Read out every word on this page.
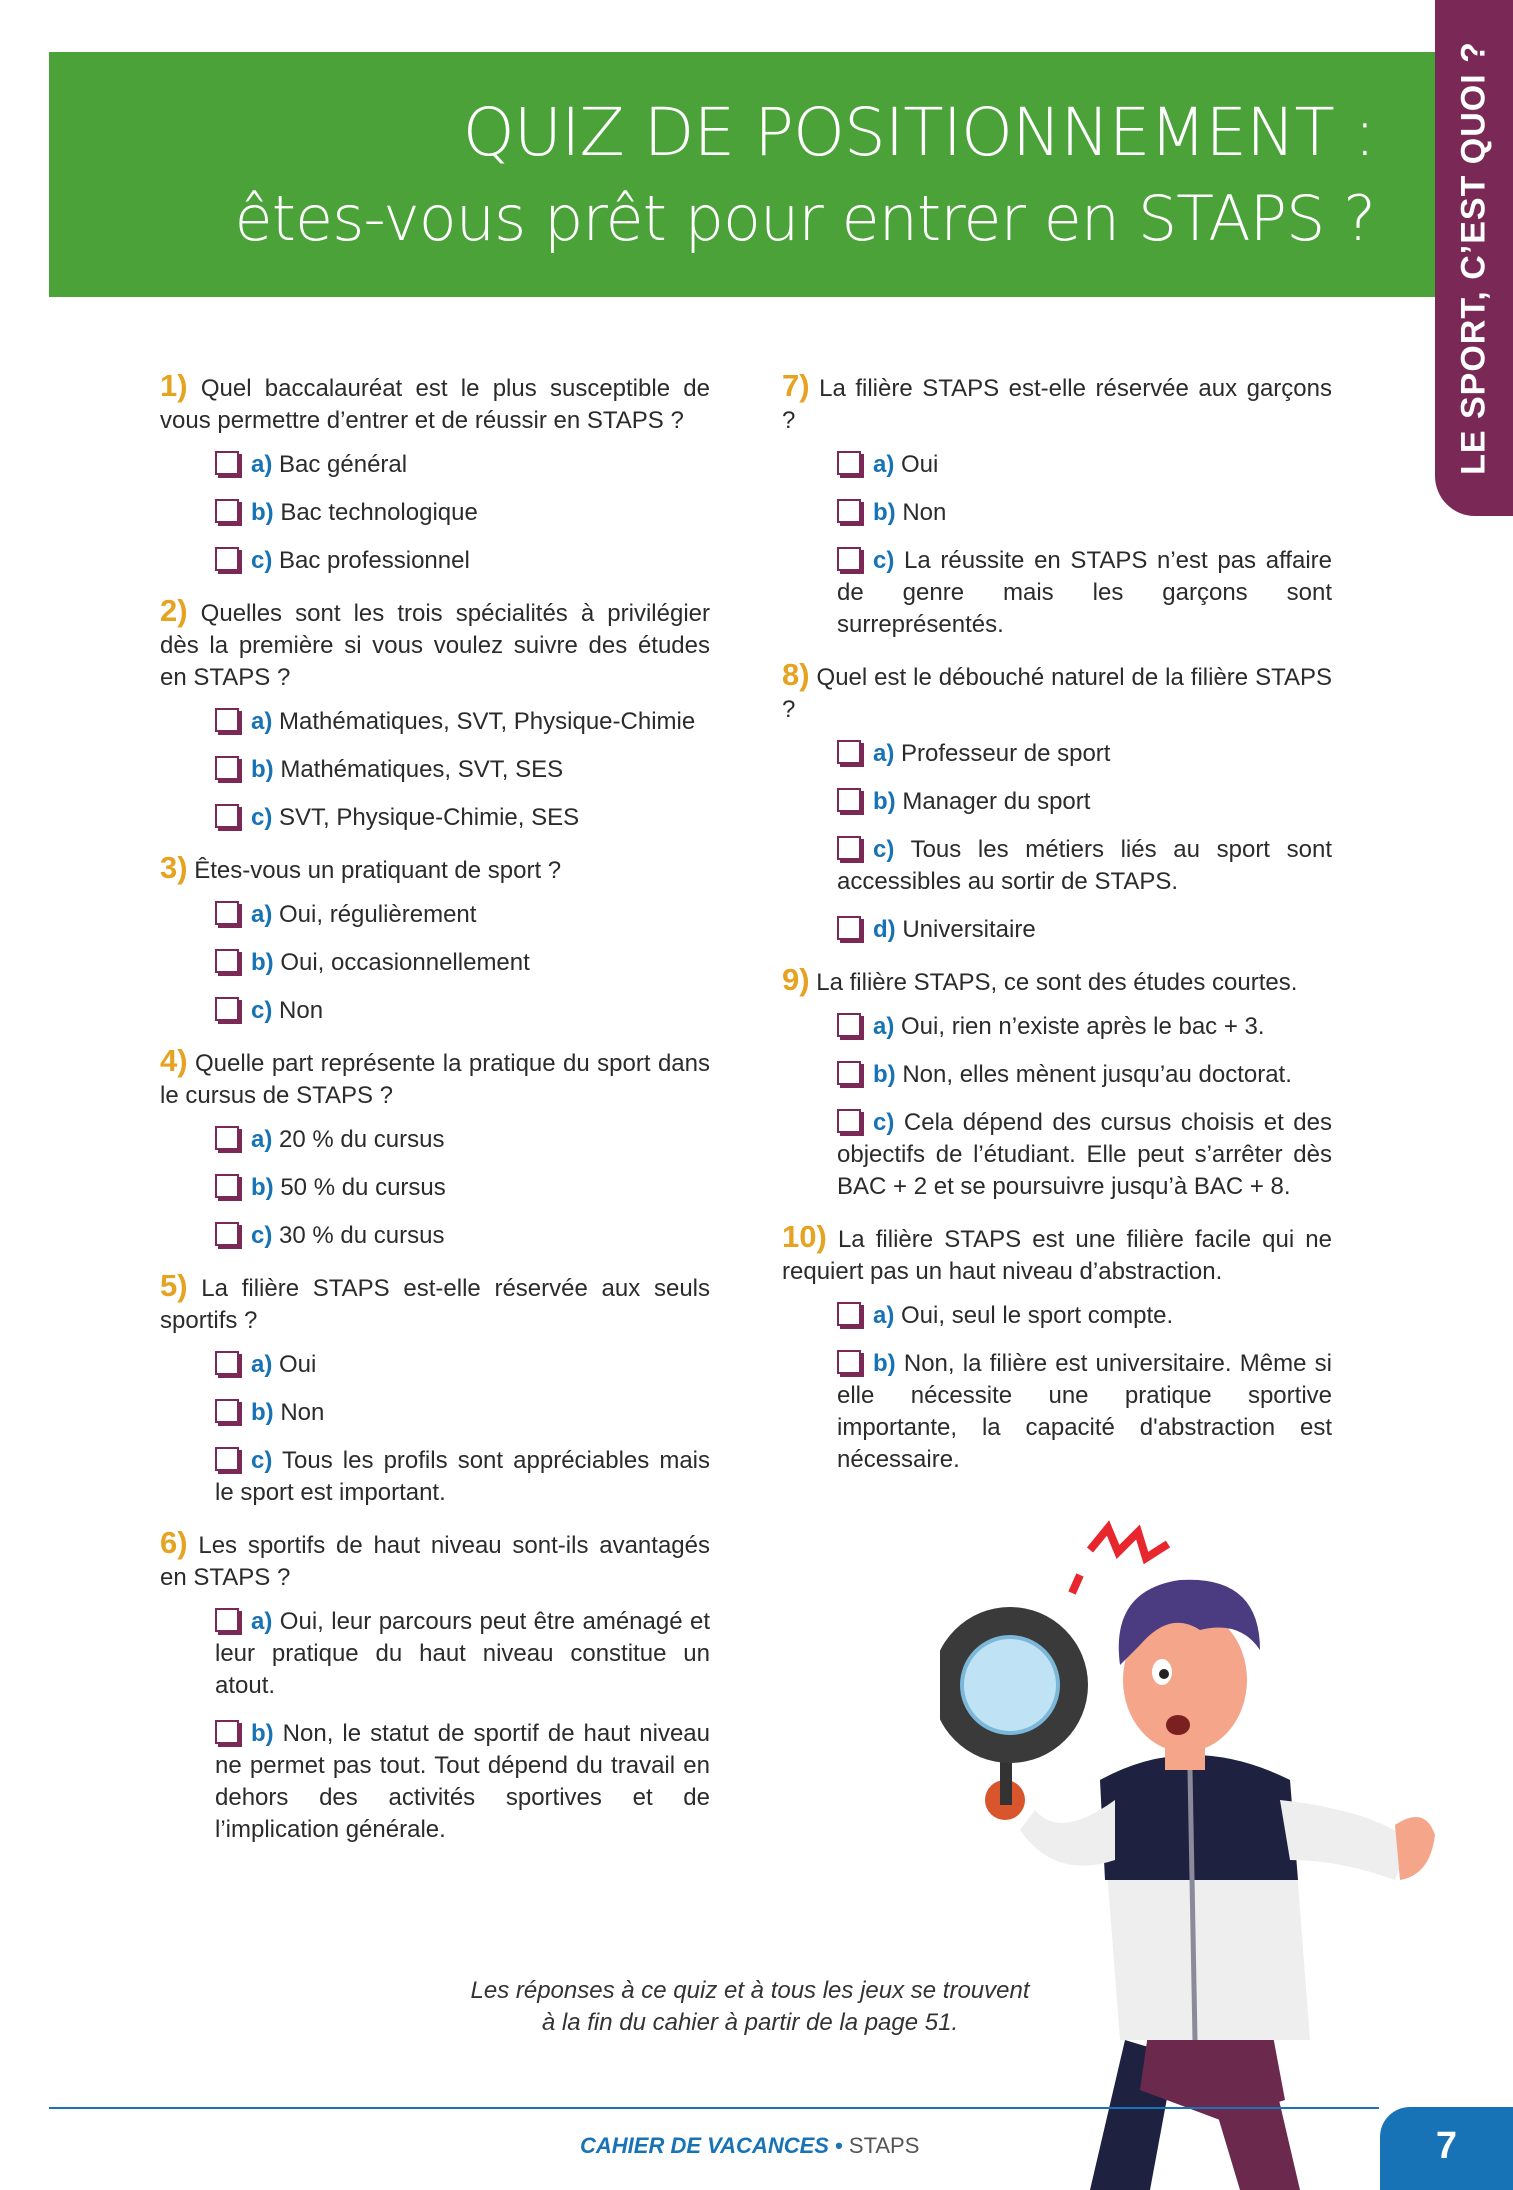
QUIZ DE POSITIONNEMENT :
êtes-vous prêt pour entrer en STAPS ? LE SPORT, C’EST QUOI ?
1) Quel baccalauréat est le plus susceptible de vous permettre d’entrer et de réussir en STAPS ?
a) Bac général
b) Bac technologique
c) Bac professionnel
2) Quelles sont les trois spécialités à privilégier dès la première si vous voulez suivre des études en STAPS ?
a) Mathématiques, SVT, Physique-Chimie
b) Mathématiques, SVT, SES
c) SVT, Physique-Chimie, SES
3) Êtes-vous un pratiquant de sport ?
a) Oui, régulièrement
b) Oui, occasionnellement
c) Non
4) Quelle part représente la pratique du sport dans le cursus de STAPS ?
a) 20 % du cursus
b) 50 % du cursus
c) 30 % du cursus
5) La filière STAPS est-elle réservée aux seuls sportifs ?
a) Oui
b) Non
c) Tous les profils sont appréciables mais le sport est important.
6) Les sportifs de haut niveau sont-ils avantagés en STAPS ?
a) Oui, leur parcours peut être aménagé et leur pratique du haut niveau constitue un atout.
b) Non, le statut de sportif de haut niveau ne permet pas tout. Tout dépend du travail en dehors des activités sportives et de l’implication générale.
7) La filière STAPS est-elle réservée aux garçons ?
a) Oui
b) Non
c) La réussite en STAPS n’est pas affaire de genre mais les garçons sont surreprésentés.
8) Quel est le débouché naturel de la filière STAPS ?
a) Professeur de sport
b) Manager du sport
c) Tous les métiers liés au sport sont accessibles au sortir de STAPS.
d) Universitaire
9) La filière STAPS, ce sont des études courtes.
a) Oui, rien n’existe après le bac + 3.
b) Non, elles mènent jusqu’au doctorat.
c) Cela dépend des cursus choisis et des objectifs de l’étudiant. Elle peut s’arrêter dès BAC + 2 et se poursuivre jusqu’à BAC + 8.
10) La filière STAPS est une filière facile qui ne requiert pas un haut niveau d’abstraction.
a) Oui, seul le sport compte.
b) Non, la filière est universitaire. Même si elle nécessite une pratique sportive importante, la capacité d'abstraction est nécessaire.
Les réponses à ce quiz et à tous les jeux se trouvent
à la fin du cahier à partir de la page 51.
CAHIER DE VACANCES • STAPS	7
